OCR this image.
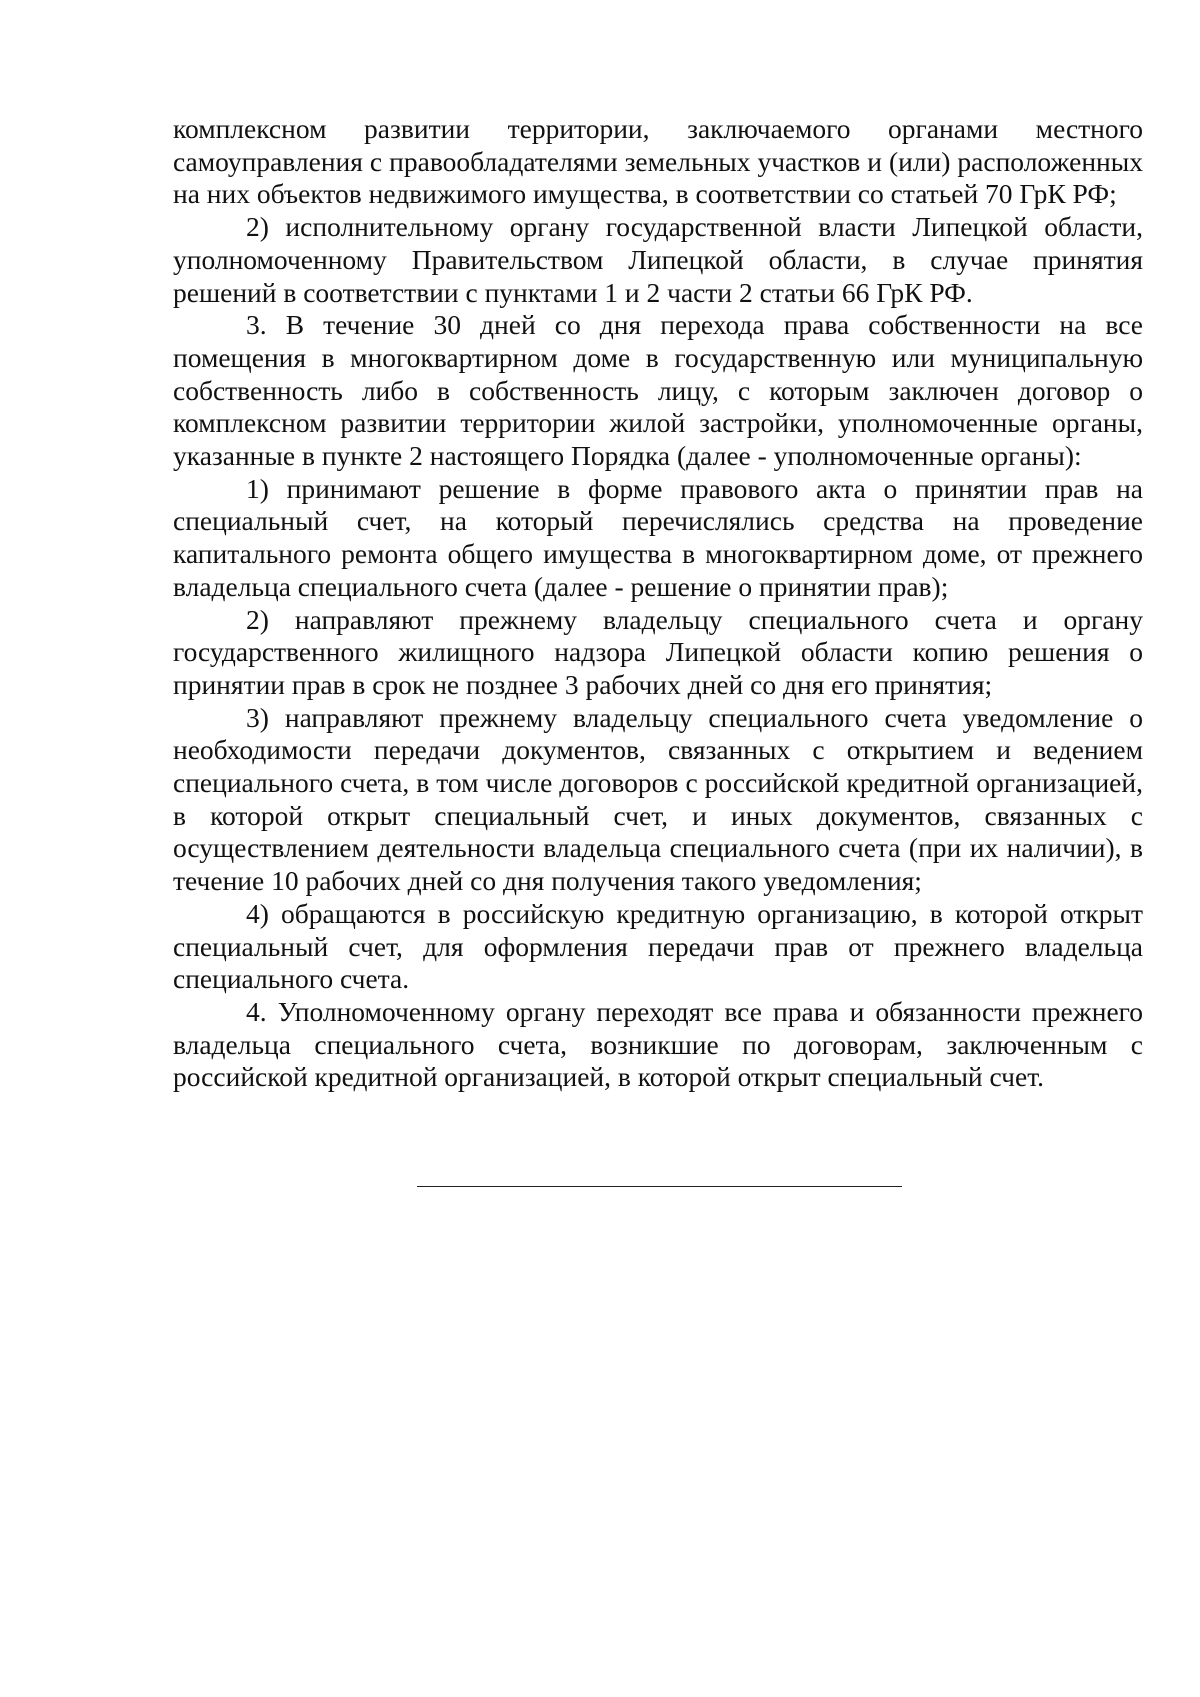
комплексном развитии территории, заключаемого органами местного самоуправления с правообладателями земельных участков и (или) расположенных на них объектов недвижимого имущества, в соответствии со статьей 70 ГрК РФ;

2) исполнительному органу государственной власти Липецкой области, уполномоченному Правительством Липецкой области, в случае принятия решений в соответствии с пунктами 1 и 2 части 2 статьи 66 ГрК РФ.

3. В течение 30 дней со дня перехода права собственности на все помещения в многоквартирном доме в государственную или муниципальную собственность либо в собственность лицу, с которым заключен договор о комплексном развитии территории жилой застройки, уполномоченные органы, указанные в пункте 2 настоящего Порядка (далее - уполномоченные органы):

1) принимают решение в форме правового акта о принятии прав на специальный счет, на который перечислялись средства на проведение капитального ремонта общего имущества в многоквартирном доме, от прежнего владельца специального счета (далее - решение о принятии прав);

2) направляют прежнему владельцу специального счета и органу государственного жилищного надзора Липецкой области копию решения о принятии прав в срок не позднее 3 рабочих дней со дня его принятия;

3) направляют прежнему владельцу специального счета уведомление о необходимости передачи документов, связанных с открытием и ведением специального счета, в том числе договоров с российской кредитной организацией, в которой открыт специальный счет, и иных документов, связанных с осуществлением деятельности владельца специального счета (при их наличии), в течение 10 рабочих дней со дня получения такого уведомления;

4) обращаются в российскую кредитную организацию, в которой открыт специальный счет, для оформления передачи прав от прежнего владельца специального счета.

4. Уполномоченному органу переходят все права и обязанности прежнего владельца специального счета, возникшие по договорам, заключенным с российской кредитной организацией, в которой открыт специальный счет.
